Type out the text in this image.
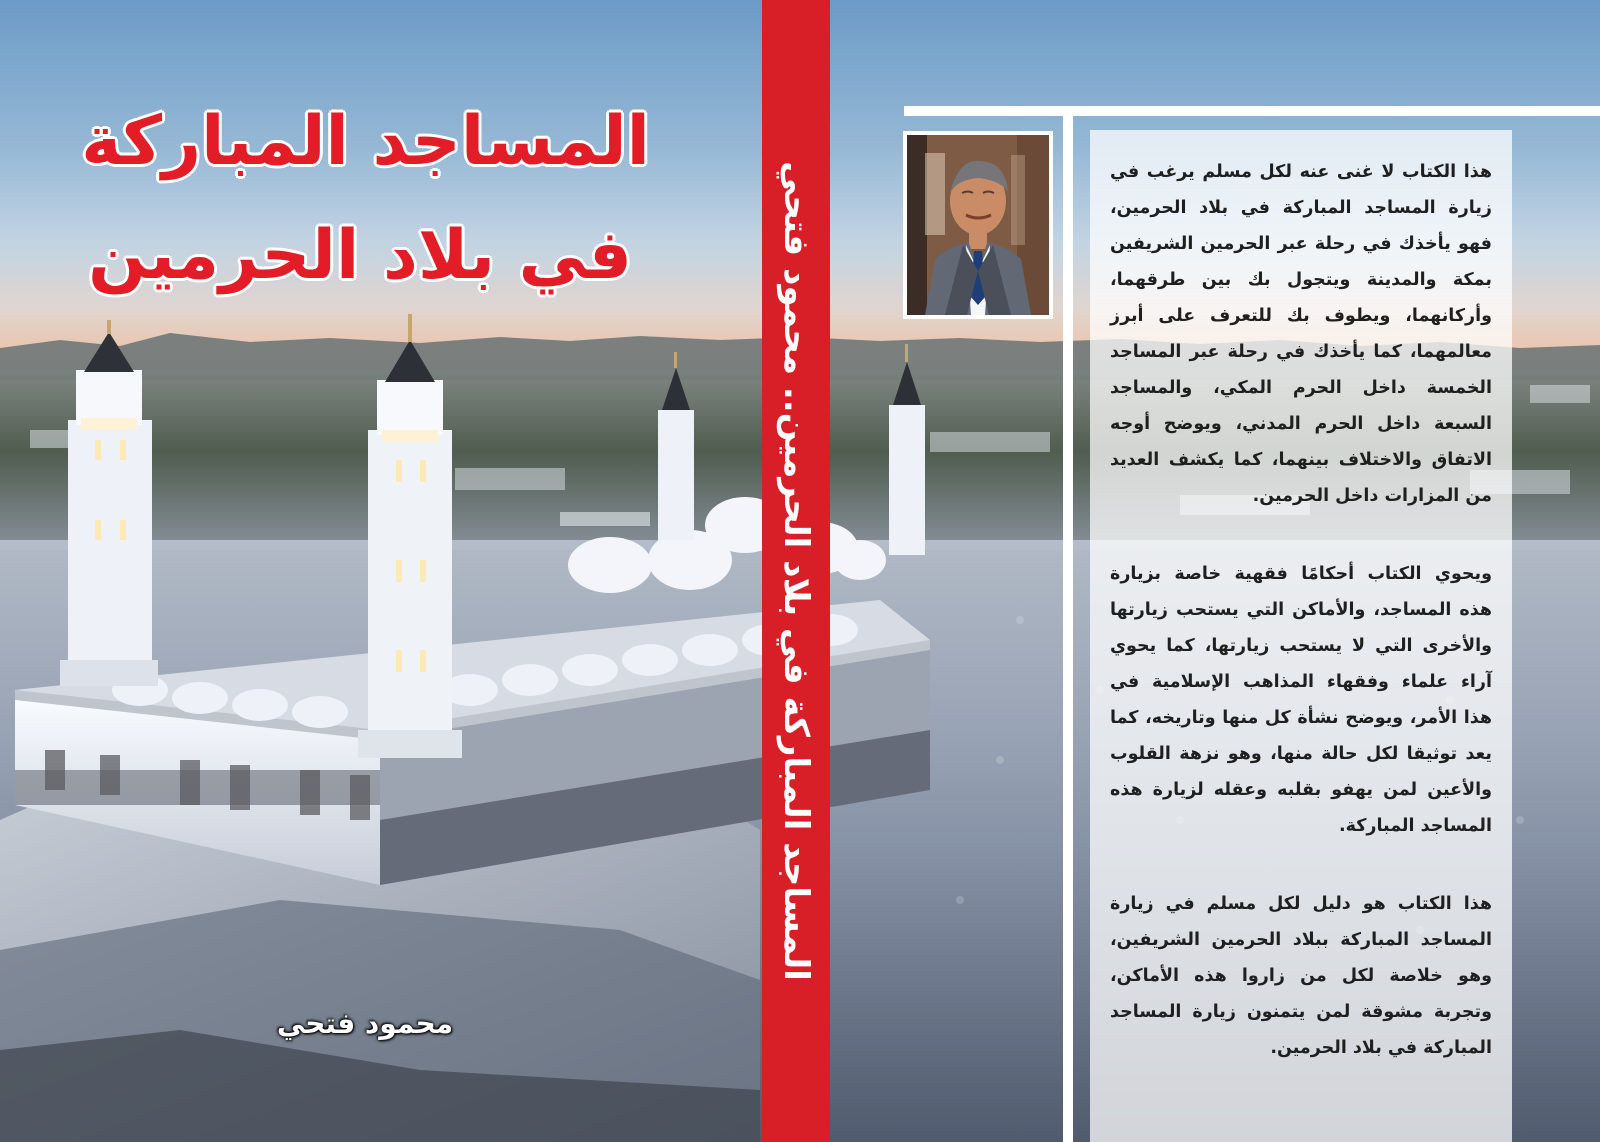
المساجد المباركة
في بلاد الحرمين
محمود فتحي
المساجد المباركة في بلاد الحرمين.. محمود فتحي	هذا الكتاب لا غنى عنه لكل مسلم يرغب في زيارة المساجد المباركة في بلاد الحرمين، فهو يأخذك في رحلة عبر الحرمين الشريفين بمكة والمدينة ويتجول بك بين طرقهما، وأركانهما، ويطوف بك للتعرف على أبرز معالمهما، كما يأخذك في رحلة عبر المساجد الخمسة داخل الحرم المكي، والمساجد السبعة داخل الحرم المدني، ويوضح أوجه الاتفاق والاختلاف بينهما، كما يكشف العديد من المزارات داخل الحرمين.

ويحوي الكتاب أحكامًا فقهية خاصة بزيارة هذه المساجد، والأماكن التي يستحب زيارتها والأخرى التي لا يستحب زيارتها، كما يحوي آراء علماء وفقهاء المذاهب الإسلامية في هذا الأمر، ويوضح نشأة كل منها وتاريخه، كما يعد توثيقا لكل حالة منها، وهو نزهة القلوب والأعين لمن يهفو بقلبه وعقله لزيارة هذه المساجد المباركة.

هذا الكتاب هو دليل لكل مسلم في زيارة المساجد المباركة ببلاد الحرمين الشريفين، وهو خلاصة لكل من زاروا هذه الأماكن، وتجربة مشوقة لمن يتمنون زيارة المساجد المباركة في بلاد الحرمين.
